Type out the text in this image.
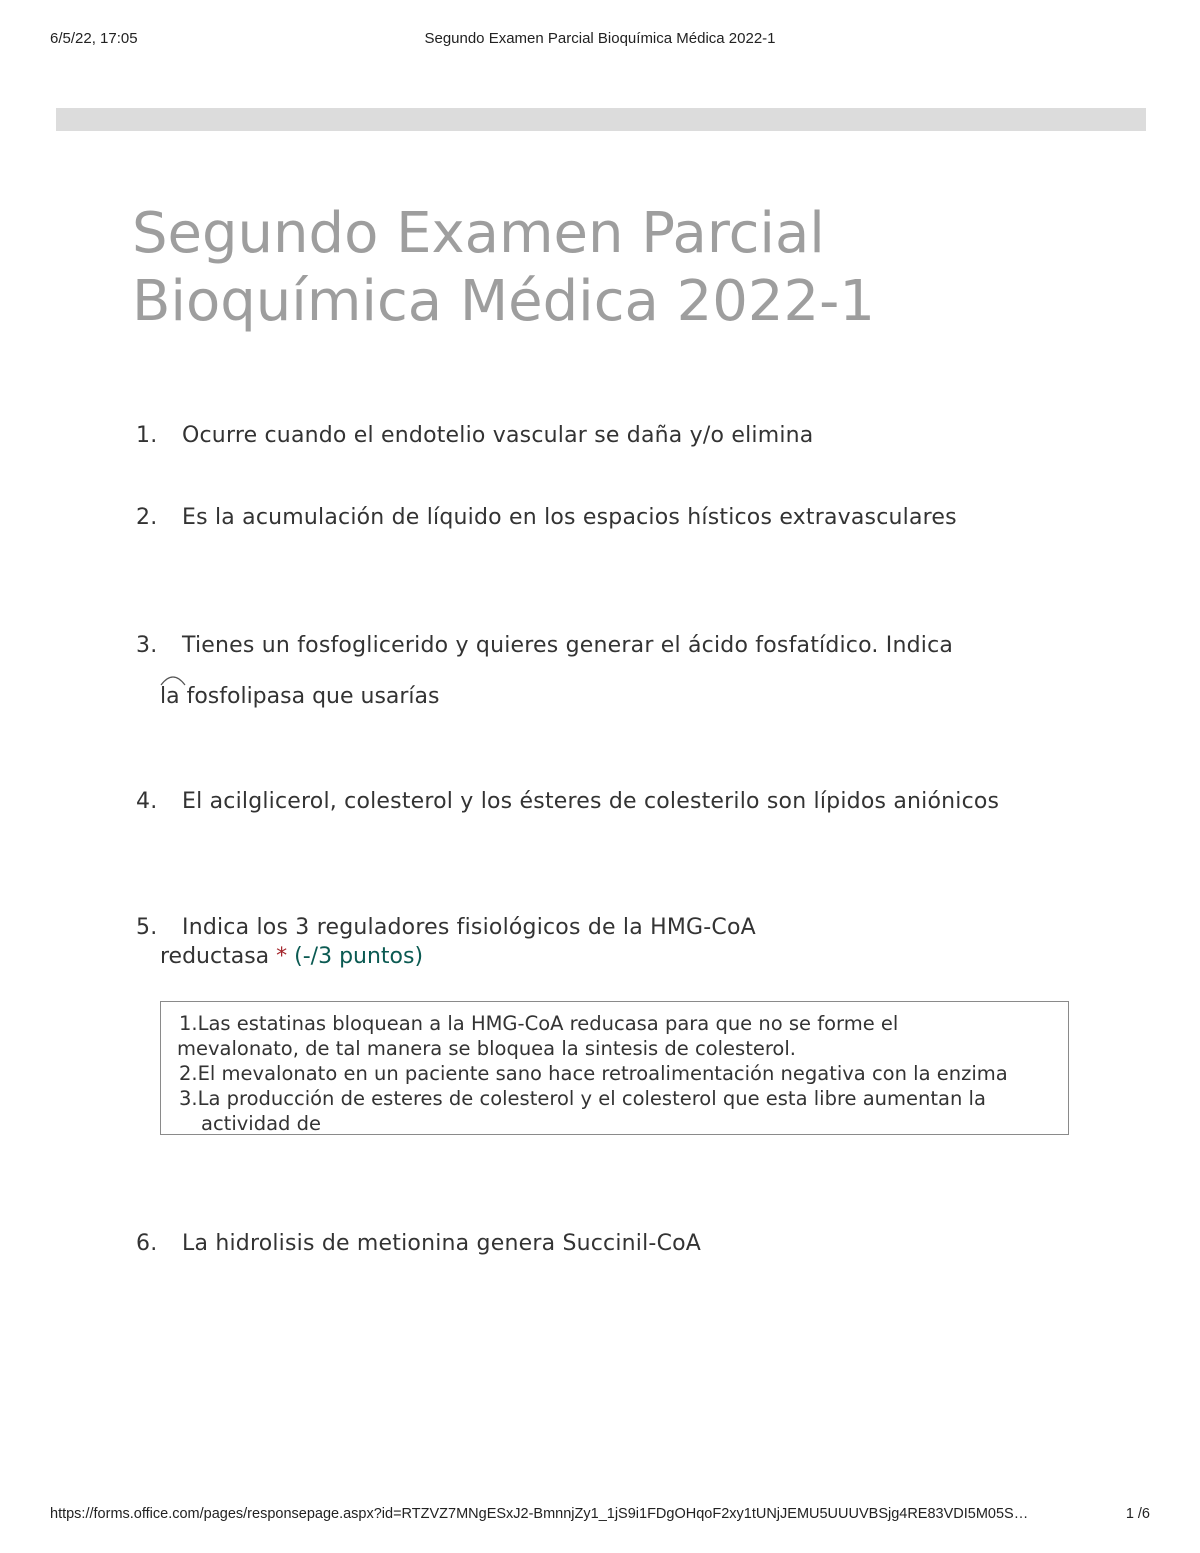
6/5/22, 17:05	Segundo Examen Parcial Bioquímica Médica 2022-1
Segundo Examen Parcial Bioquímica Médica 2022-1
1. Ocurre cuando el endotelio vascular se daña y/o elimina
2. Es la acumulación de líquido en los espacios hísticos extravasculares
3. Tienes un fosfoglicerido y quieres generar el ácido fosfatídico. Indica
la fosfolipasa que usarías
4. El acilglicerol, colesterol y los ésteres de colesterilo son lípidos aniónicos
5. Indica los 3 reguladores fisiológicos de la HMG-CoA
reductasa * (-/3 puntos)
1.Las estatinas bloquean a la HMG-CoA reducasa para que no se forme el
mevalonato, de tal manera se bloquea la sintesis de colesterol.
2.El mevalonato en un paciente sano hace retroalimentación negativa con la enzima
3.La producción de esteres de colesterol y el colesterol que esta libre aumentan la
actividad de
6. La hidrolisis de metionina genera Succinil-CoA
https://forms.office.com/pages/responsepage.aspx?id=RTZVZ7MNgESxJ2-BmnnjZy1_1jS9i1FDgOHqoF2xy1tUNjJEMU5UUUVBSjg4RE83VDI5M05S…	1 /6
